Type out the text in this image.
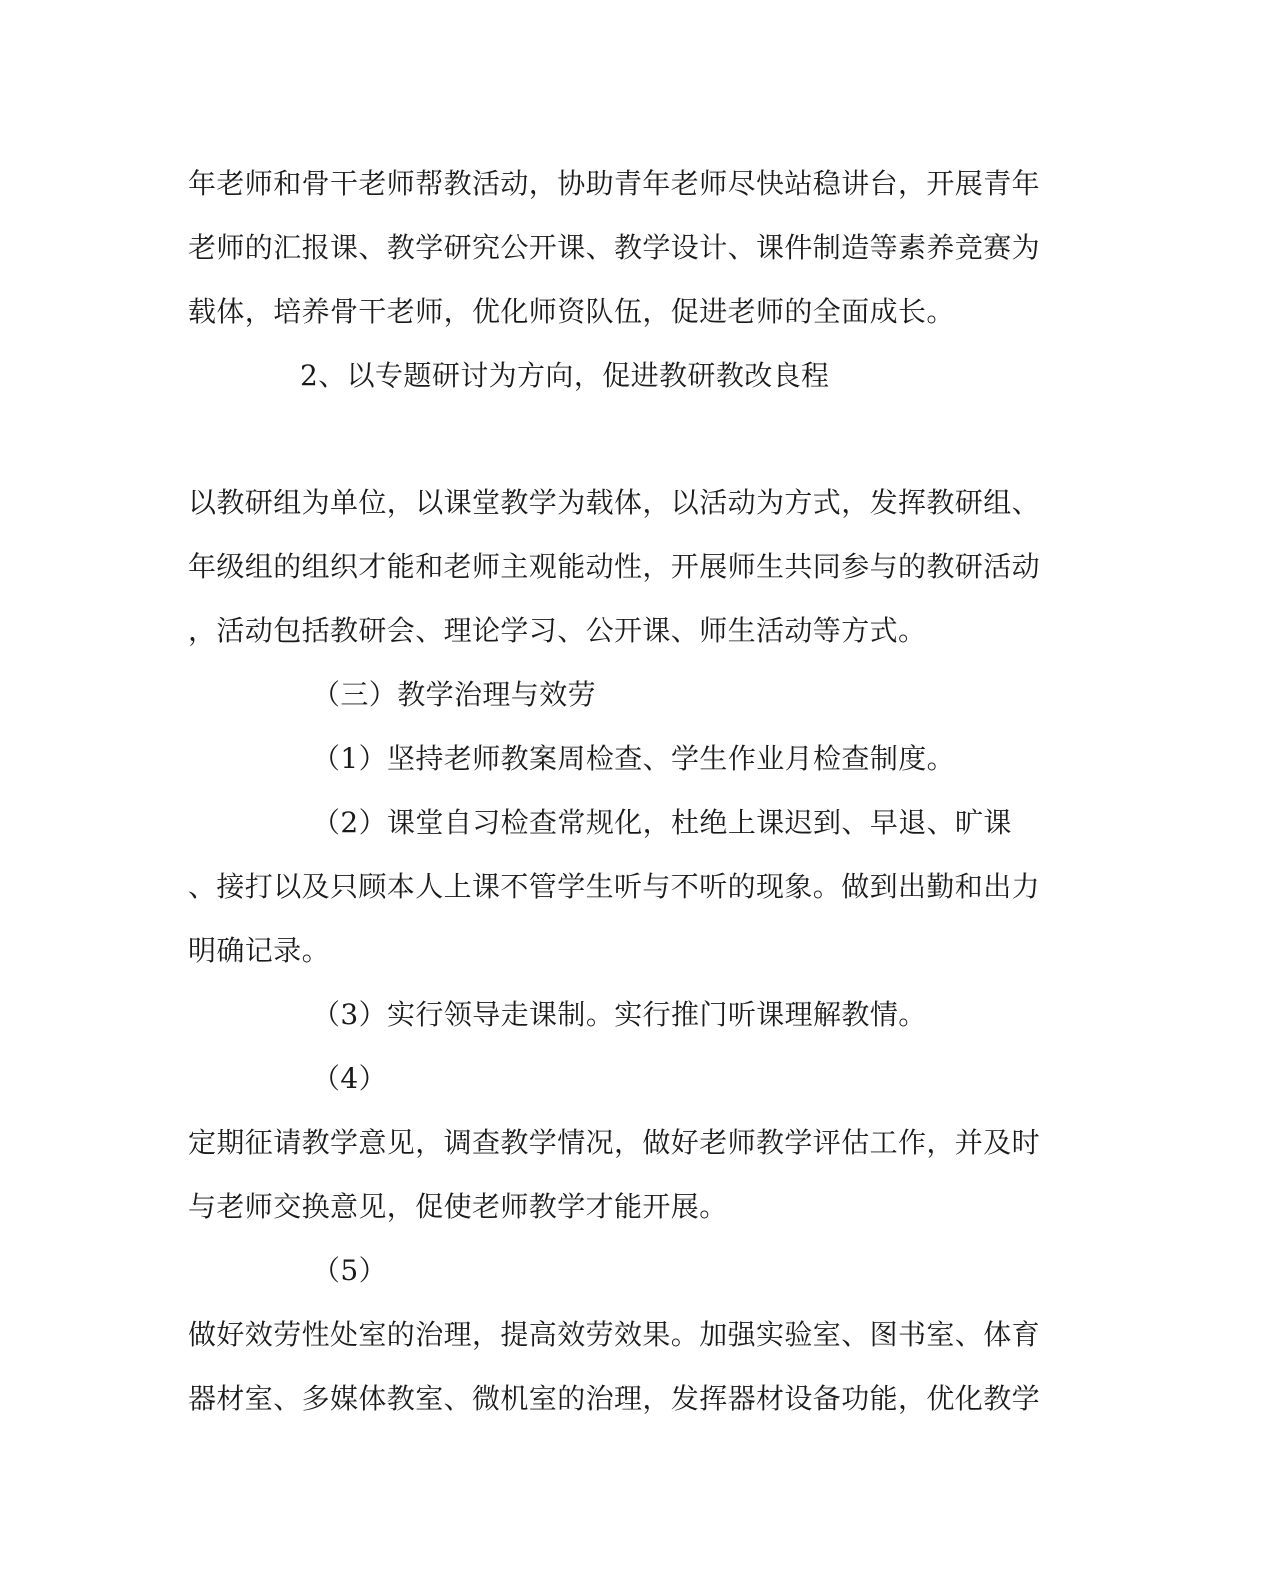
年老师和骨干老师帮教活动，协助青年老师尽快站稳讲台，开展青年
老师的汇报课、教学研究公开课、教学设计、课件制造等素养竞赛为
载体，培养骨干老师，优化师资队伍，促进老师的全面成长。
2、以专题研讨为方向，促进教研教改良程
以教研组为单位，以课堂教学为载体，以活动为方式，发挥教研组、
年级组的组织才能和老师主观能动性，开展师生共同参与的教研活动
，活动包括教研会、理论学习、公开课、师生活动等方式。
（三）教学治理与效劳
（1）坚持老师教案周检查、学生作业月检查制度。
（2）课堂自习检查常规化，杜绝上课迟到、早退、旷课
、接打以及只顾本人上课不管学生听与不听的现象。做到出勤和出力
明确记录。
（3）实行领导走课制。实行推门听课理解教情。
（4）
定期征请教学意见，调查教学情况，做好老师教学评估工作，并及时
与老师交换意见，促使老师教学才能开展。
（5）
做好效劳性处室的治理，提高效劳效果。加强实验室、图书室、体育
器材室、多媒体教室、微机室的治理，发挥器材设备功能，优化教学
